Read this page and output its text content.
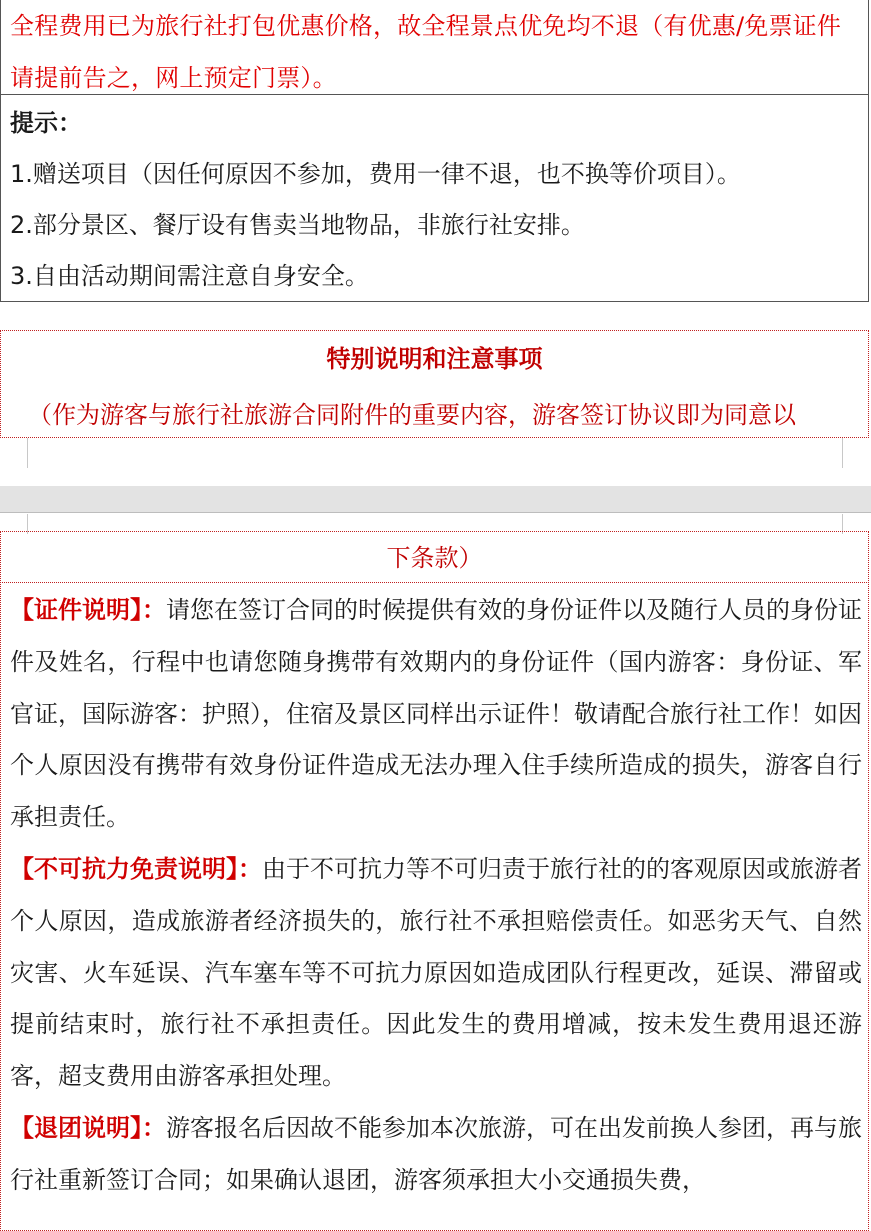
全程费用已为旅行社打包优惠价格，故全程景点优免均不退（有优惠/免票证件请提前告之，网上预定门票）。
提示：
1.赠送项目（因任何原因不参加，费用一律不退，也不换等价项目）。
2.部分景区、餐厅设有售卖当地物品，非旅行社安排。
3.自由活动期间需注意自身安全。
特别说明和注意事项
（作为游客与旅行社旅游合同附件的重要内容，游客签订协议即为同意以
下条款）
【证件说明】：请您在签订合同的时候提供有效的身份证件以及随行人员的身份证件及姓名，行程中也请您随身携带有效期内的身份证件（国内游客：身份证、军官证，国际游客：护照），住宿及景区同样出示证件！敬请配合旅行社工作！如因个人原因没有携带有效身份证件造成无法办理入住手续所造成的损失，游客自行承担责任。
【不可抗力免责说明】：由于不可抗力等不可归责于旅行社的的客观原因或旅游者个人原因，造成旅游者经济损失的，旅行社不承担赔偿责任。如恶劣天气、自然灾害、火车延误、汽车塞车等不可抗力原因如造成团队行程更改，延误、滞留或提前结束时，旅行社不承担责任。因此发生的费用增减，按未发生费用退还游客，超支费用由游客承担处理。
【退团说明】：游客报名后因故不能参加本次旅游，可在出发前换人参团，再与旅行社重新签订合同；如果确认退团，游客须承担大小交通损失费，
